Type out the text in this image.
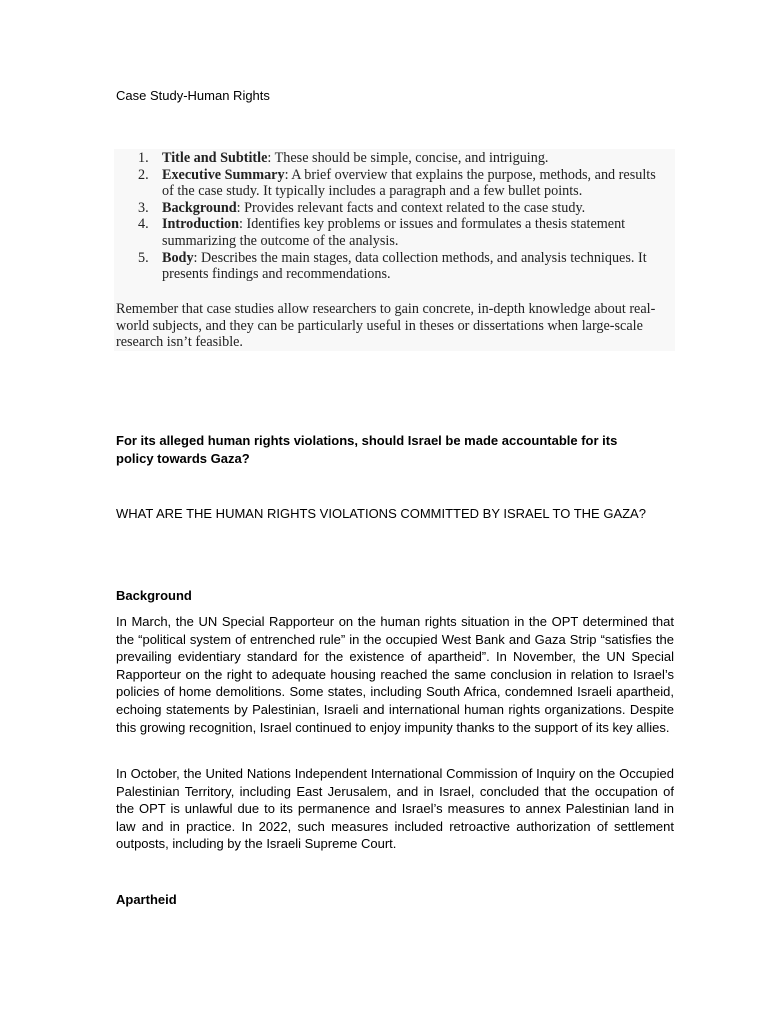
Case Study-Human Rights
1. Title and Subtitle: These should be simple, concise, and intriguing.
2. Executive Summary: A brief overview that explains the purpose, methods, and results of the case study. It typically includes a paragraph and a few bullet points.
3. Background: Provides relevant facts and context related to the case study.
4. Introduction: Identifies key problems or issues and formulates a thesis statement summarizing the outcome of the analysis.
5. Body: Describes the main stages, data collection methods, and analysis techniques. It presents findings and recommendations.

Remember that case studies allow researchers to gain concrete, in-depth knowledge about real-world subjects, and they can be particularly useful in theses or dissertations when large-scale research isn’t feasible.

For its alleged human rights violations, should Israel be made accountable for its policy towards Gaza?
WHAT ARE THE HUMAN RIGHTS VIOLATIONS COMMITTED BY ISRAEL TO THE GAZA?
Background

In March, the UN Special Rapporteur on the human rights situation in the OPT determined that the “political system of entrenched rule” in the occupied West Bank and Gaza Strip “satisfies the prevailing evidentiary standard for the existence of apartheid”. In November, the UN Special Rapporteur on the right to adequate housing reached the same conclusion in relation to Israel’s policies of home demolitions. Some states, including South Africa, condemned Israeli apartheid, echoing statements by Palestinian, Israeli and international human rights organizations. Despite this growing recognition, Israel continued to enjoy impunity thanks to the support of its key allies.

In October, the United Nations Independent International Commission of Inquiry on the Occupied Palestinian Territory, including East Jerusalem, and in Israel, concluded that the occupation of the OPT is unlawful due to its permanence and Israel’s measures to annex Palestinian land in law and in practice. In 2022, such measures included retroactive authorization of settlement outposts, including by the Israeli Supreme Court.

Apartheid
